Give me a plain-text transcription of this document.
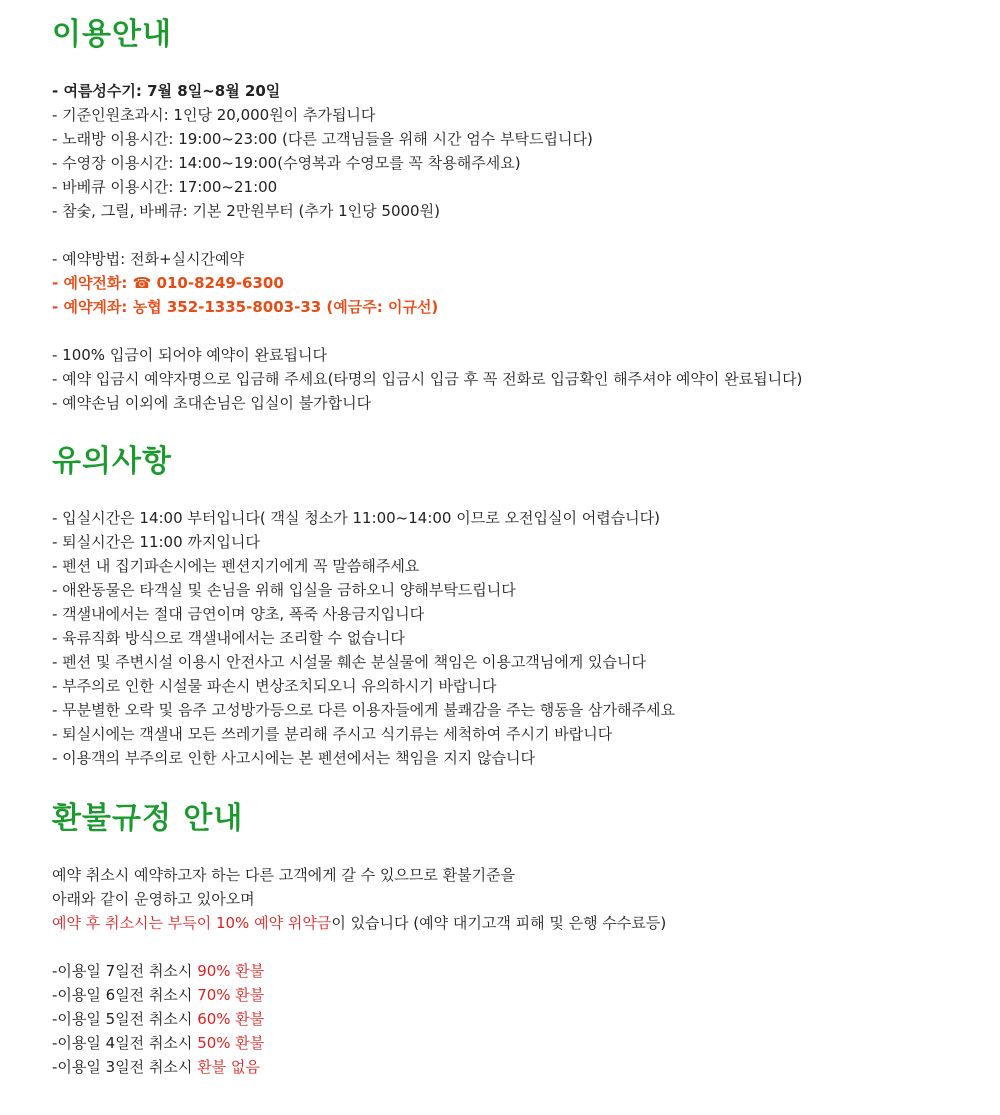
이용안내
- 여름성수기: 7월 8일~8월 20일
- 기준인원초과시: 1인당 20,000원이 추가됩니다
- 노래방 이용시간: 19:00~23:00 (다른 고객님들을 위해 시간 엄수 부탁드립니다)
- 수영장 이용시간: 14:00~19:00(수영복과 수영모를 꼭 착용해주세요)
- 바베큐 이용시간: 17:00~21:00
- 참숯, 그릴, 바베큐: 기본 2만원부터 (추가 1인당 5000원)
- 예약방법: 전화+실시간예약
- 예약전화: ☎ 010-8249-6300
- 예약계좌: 농협 352-1335-8003-33 (예금주: 이규선)
- 100% 입금이 되어야 예약이 완료됩니다
- 예약 입금시 예약자명으로 입금해 주세요(타명의 입금시 입금 후 꼭 전화로 입금확인 해주셔야 예약이 완료됩니다)
- 예약손님 이외에 초대손님은 입실이 불가합니다
유의사항
- 입실시간은 14:00 부터입니다( 객실 청소가 11:00~14:00 이므로 오전입실이 어렵습니다)
- 퇴실시간은 11:00 까지입니다
- 펜션 내 집기파손시에는 펜션지기에게 꼭 말씀해주세요
- 애완동물은 타객실 및 손님을 위해 입실을 금하오니 양해부탁드립니다
- 객샐내에서는 절대 금연이며 양초, 폭죽 사용금지입니다
- 육류직화 방식으로 객샐내에서는 조리할 수 없습니다
- 펜션 및 주변시설 이용시 안전사고 시설물 훼손 분실물에 책임은 이용고객님에게 있습니다
- 부주의로 인한 시설물 파손시 변상조치되오니 유의하시기 바랍니다
- 무분별한 오락 및 음주 고성방가등으로 다른 이용자들에게 불쾌감을 주는 행동을 삼가해주세요
- 퇴실시에는 객샐내 모든 쓰레기를 분리해 주시고 식기류는 세척하여 주시기 바랍니다
- 이용객의 부주의로 인한 사고시에는 본 펜션에서는 책임을 지지 않습니다
환불규정 안내
예약 취소시 예약하고자 하는 다른 고객에게 갈 수 있으므로 환불기준을
아래와 같이 운영하고 있아오며
예약 후 취소시는 부득이 10% 예약 위약금이 있습니다 (예약 대기고객 피해 및 은행 수수료등)
-이용일 7일전 취소시 90% 환불
-이용일 6일전 취소시 70% 환불
-이용일 5일전 취소시 60% 환불
-이용일 4일전 취소시 50% 환불
-이용일 3일전 취소시 환불 없음
